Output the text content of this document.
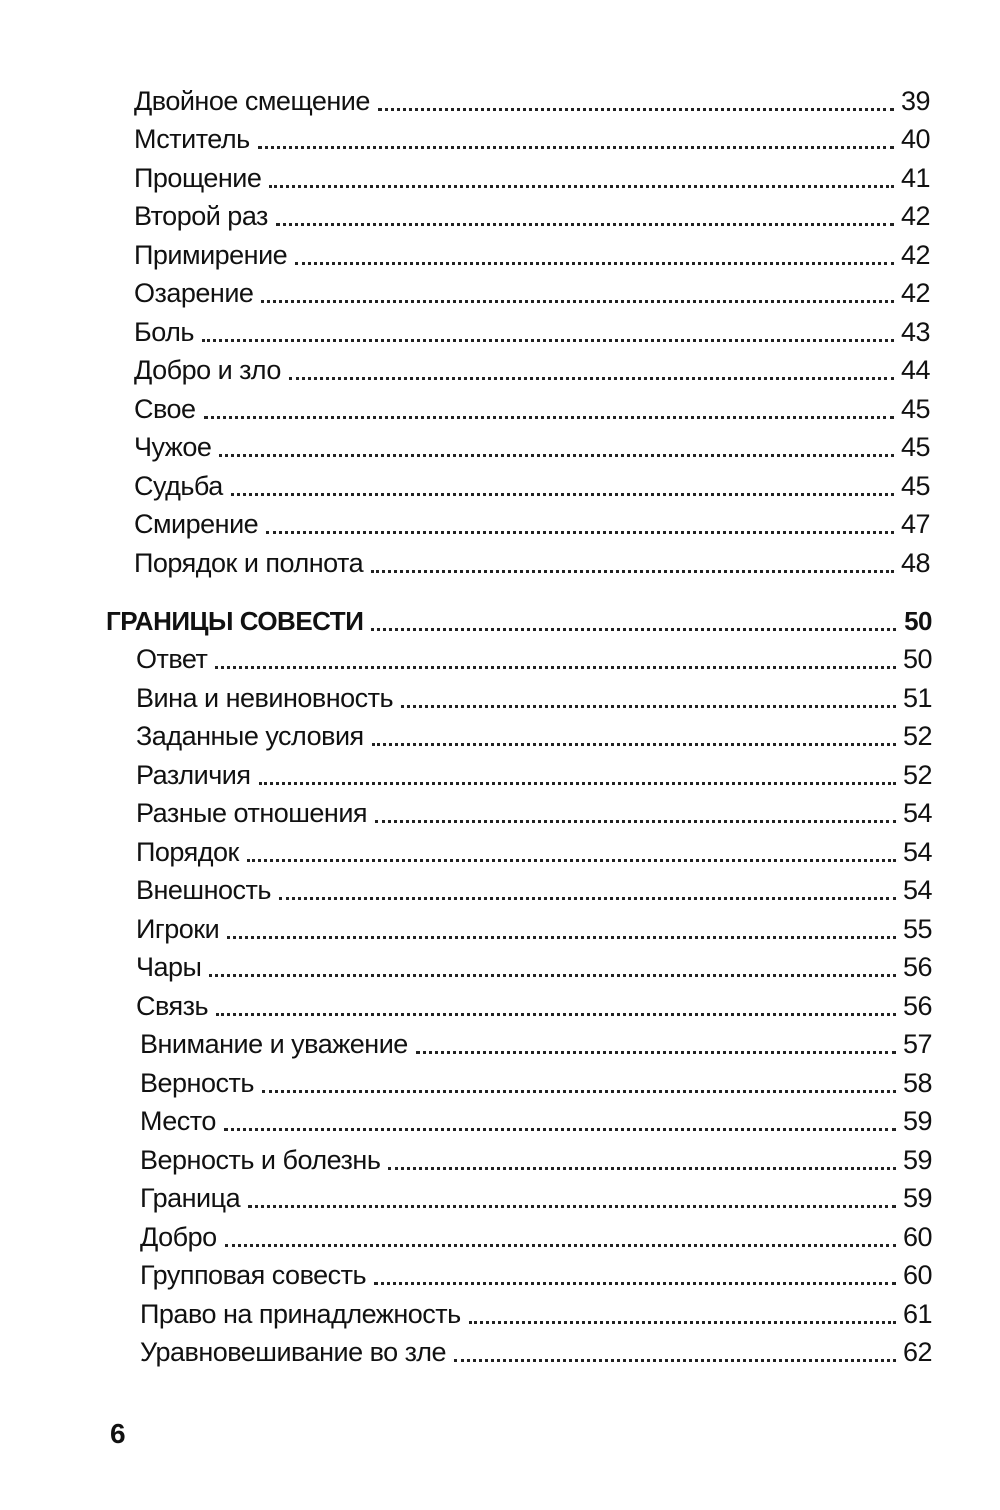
Двойное смещение	39
Мститель	40
Прощение	41
Второй раз	42
Примирение	42
Озарение	42
Боль	43
Добро и зло	44
Свое	45
Чужое	45
Судьба	45
Смирение	47
Порядок и полнота	48
ГРАНИЦЫ СОВЕСТИ	50
Ответ	50
Вина и невиновность	51
Заданные условия	52
Различия	52
Разные отношения	54
Порядок	54
Внешность	54
Игроки	55
Чары	56
Связь	56
Внимание и уважение	57
Верность	58
Место	59
Верность и болезнь	59
Граница	59
Добро	60
Групповая совесть	60
Право на принадлежность	61
Уравновешивание во зле	62
6
